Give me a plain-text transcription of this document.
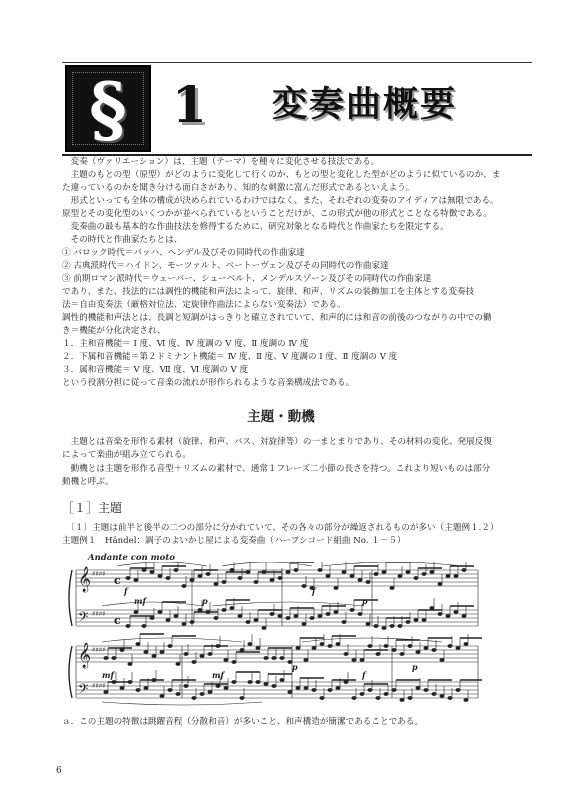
§ 1 変奏曲概要
　変奏（ヴァリエーション）は、主題（テーマ）を種々に変化させる技法である。
　主題のもとの型（原型）がどのように変化して行くのか、もとの型と変化した型がどのように似ているのか、ま
た違っているのかを聞き分ける面白さがあり、知的な刺激に富んだ形式であるといえよう。
　形式といっても全体の構成が決められているわけではなく、また、それぞれの変奏のアイディアは無限である。
原型とその変化型のいくつかが並べられているということだけが、この形式が他の形式とことなる特徴である。
　変奏曲の最も基本的な作曲技法を修得するために、研究対象となる時代と作曲家たちを限定する。
　その時代と作曲家たちとは、
① バロック時代＝バッハ、ヘンデル及びその同時代の作曲家達
② 古典派時代＝ハイドン、モーツァルト、ベートーヴェン及びその同時代の作曲家達
③ 前期ロマン派時代＝ウェーバー、シューベルト、メンデルスゾーン及びその同時代の作曲家達
であり、また、技法的には調性的機能和声法によって、旋律、和声、リズムの装飾加工を主体とする変奏技
法＝自由変奏法（厳格対位法、定旋律作曲法によらない変奏法）である。
調性的機能和声法とは、長調と短調がはっきりと確立されていて、和声的には和音の前後のつながりの中での働
き＝機能が分化決定され、
１．主和音機能＝ Ⅰ 度、Ⅵ 度、Ⅳ 度調の Ⅴ 度、Ⅱ 度調の Ⅳ 度
２．下属和音機能＝第２ドミナント機能＝ Ⅳ 度、Ⅱ 度、Ⅴ 度調の Ⅰ 度、Ⅱ 度調の Ⅴ 度
３．属和音機能＝ Ⅴ 度、Ⅶ 度、Ⅵ 度調の Ⅴ 度
という役割分担に従って音楽の流れが形作られるような音楽構成法である。
主題・動機
　主題とは音楽を形作る素材（旋律、和声、バス、対旋律等）の一まとまりであり、その材料の変化、発展反復
によって楽曲が組み立てられる。
　動機とは主題を形作る音型＋リズムの素材で、通常１フレーズ二小節の長さを持つ。これより短いものは部分
動機と呼ぶ。
［１］主題
　〔１〕主題は前半と後半の二つの部分に分かれていて、その各々の部分が繰返されるものが多い（主題例１.２）
主題例１　Händel：調子のよいかじ屋による変奏曲（ハープシコード組曲 No. １－５）
Andante con moto
𝄞
𝄢
𝄞
𝄢
♯♯♯♯
♯♯♯♯
♯♯♯♯
♯♯♯♯
c
c
f
mf	p
f
p
mf	mf
p
f
p
ａ．この主題の特徴は跳躍音程（分散和音）が多いこと、和声構造が簡潔であることである。
6
